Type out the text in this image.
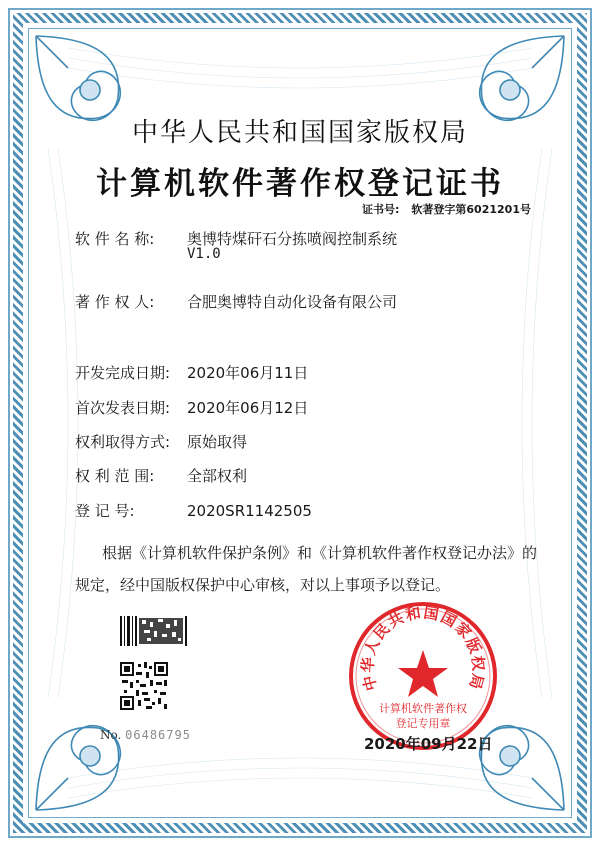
中华人民共和国国家版权局
计算机软件著作权登记证书
证书号: 软著登字第6021201号
软 件 名 称: 奥博特煤矸石分拣喷阀控制系统
V1.0
著 作 权 人: 合肥奥博特自动化设备有限公司
开发完成日期: 2020年06月11日
首次发表日期: 2020年06月12日
权利取得方式: 原始取得
权 利 范 围: 全部权利
登 记 号:	2020SR1142505
根据《计算机软件保护条例》和《计算机软件著作权登记办法》的
规定，经中国版权保护中心审核，对以上事项予以登记。
No. 06486795
中华人民共和国国家版权局
计算机软件著作权
登记专用章
2020年09月22日
